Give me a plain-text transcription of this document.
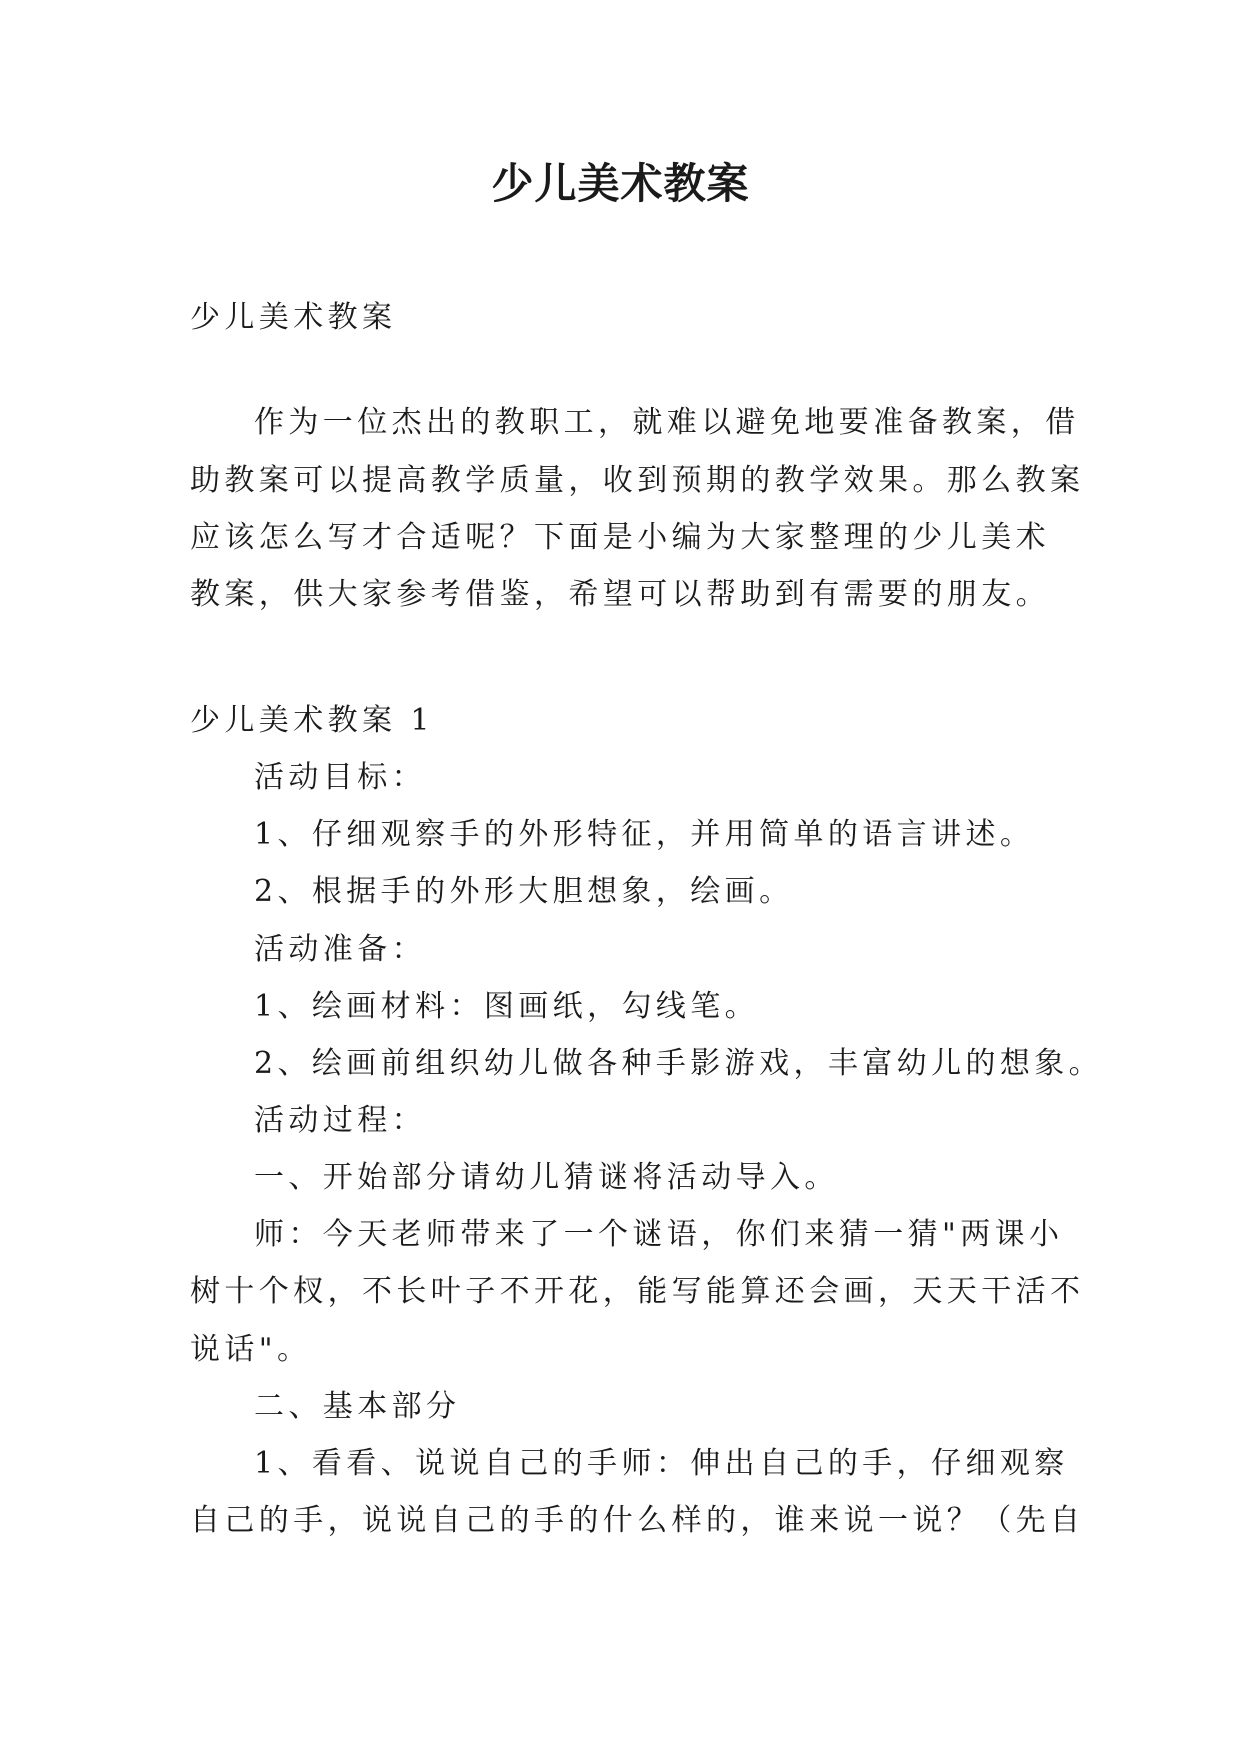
少儿美术教案

少儿美术教案

作为一位杰出的教职工，就难以避免地要准备教案，借

助教案可以提高教学质量，收到预期的教学效果。那么教案

应该怎么写才合适呢？下面是小编为大家整理的少儿美术

教案，供大家参考借鉴，希望可以帮助到有需要的朋友。

少儿美术教案 1

活动目标：

1、仔细观察手的外形特征，并用简单的语言讲述。

2、根据手的外形大胆想象，绘画。

活动准备：

1、绘画材料：图画纸，勾线笔。

2、绘画前组织幼儿做各种手影游戏，丰富幼儿的想象。

活动过程：

一、开始部分请幼儿猜谜将活动导入。

师：今天老师带来了一个谜语，你们来猜一猜"两课小

树十个杈，不长叶子不开花，能写能算还会画，天天干活不

说话"。

二、基本部分

1、看看、说说自己的手师：伸出自己的手，仔细观察

自己的手，说说自己的手的什么样的，谁来说一说？（先自
